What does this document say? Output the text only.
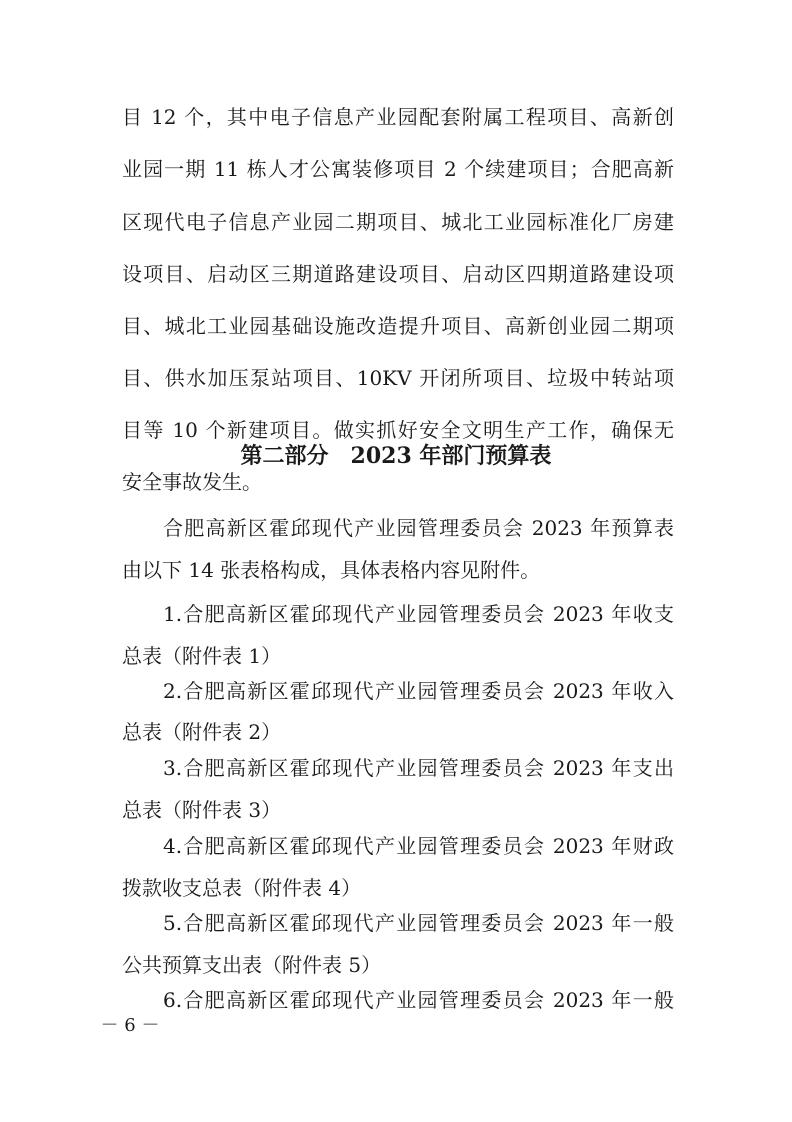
目 12 个，其中电子信息产业园配套附属工程项目、高新创
业园一期 11 栋人才公寓装修项目 2 个续建项目；合肥高新
区现代电子信息产业园二期项目、城北工业园标准化厂房建
设项目、启动区三期道路建设项目、启动区四期道路建设项
目、城北工业园基础设施改造提升项目、高新创业园二期项
目、供水加压泵站项目、10KV 开闭所项目、垃圾中转站项
目等 10 个新建项目。做实抓好安全文明生产工作，确保无
安全事故发生。
第二部分　2023 年部门预算表
合肥高新区霍邱现代产业园管理委员会 2023 年预算表
由以下 14 张表格构成，具体表格内容见附件。
1.合肥高新区霍邱现代产业园管理委员会 2023 年收支
总表（附件表 1）
2.合肥高新区霍邱现代产业园管理委员会 2023 年收入
总表（附件表 2）
3.合肥高新区霍邱现代产业园管理委员会 2023 年支出
总表（附件表 3）
4.合肥高新区霍邱现代产业园管理委员会 2023 年财政
拨款收支总表（附件表 4）
5.合肥高新区霍邱现代产业园管理委员会 2023 年一般
公共预算支出表（附件表 5）
6.合肥高新区霍邱现代产业园管理委员会 2023 年一般
－ 6 －
